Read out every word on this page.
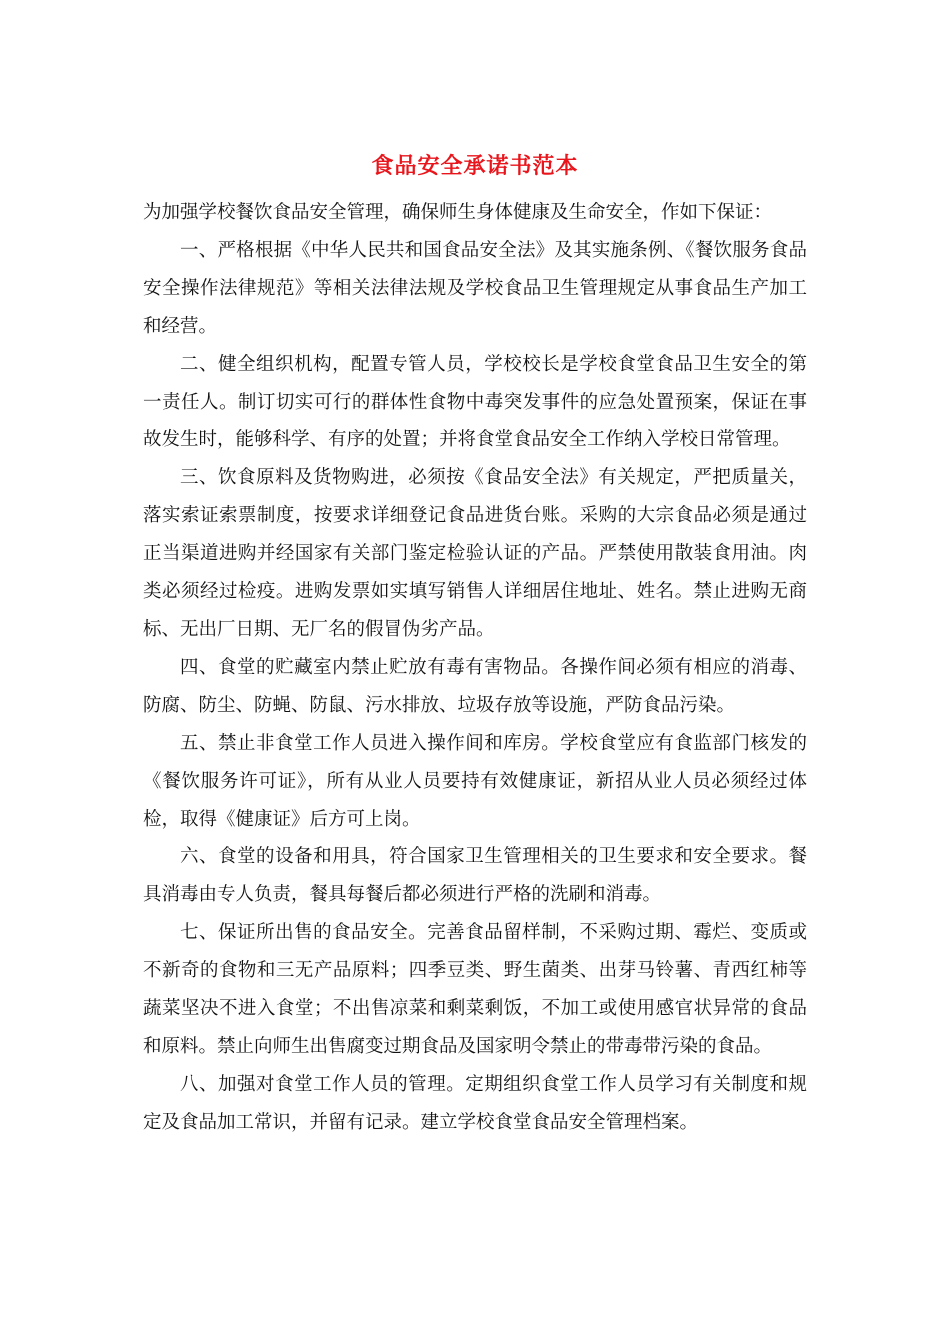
食品安全承诺书范本

为加强学校餐饮食品安全管理，确保师生身体健康及生命安全，作如下保证：

一、严格根据《中华人民共和国食品安全法》及其实施条例、《餐饮服务食品安全操作法律规范》等相关法律法规及学校食品卫生管理规定从事食品生产加工和经营。

二、健全组织机构，配置专管人员，学校校长是学校食堂食品卫生安全的第一责任人。制订切实可行的群体性食物中毒突发事件的应急处置预案，保证在事故发生时，能够科学、有序的处置；并将食堂食品安全工作纳入学校日常管理。

三、饮食原料及货物购进，必须按《食品安全法》有关规定，严把质量关，落实索证索票制度，按要求详细登记食品进货台账。采购的大宗食品必须是通过正当渠道进购并经国家有关部门鉴定检验认证的产品。严禁使用散装食用油。肉类必须经过检疫。进购发票如实填写销售人详细居住地址、姓名。禁止进购无商标、无出厂日期、无厂名的假冒伪劣产品。

四、食堂的贮藏室内禁止贮放有毒有害物品。各操作间必须有相应的消毒、防腐、防尘、防蝇、防鼠、污水排放、垃圾存放等设施，严防食品污染。

五、禁止非食堂工作人员进入操作间和库房。学校食堂应有食监部门核发的《餐饮服务许可证》，所有从业人员要持有效健康证，新招从业人员必须经过体检，取得《健康证》后方可上岗。

六、食堂的设备和用具，符合国家卫生管理相关的卫生要求和安全要求。餐具消毒由专人负责，餐具每餐后都必须进行严格的洗刷和消毒。

七、保证所出售的食品安全。完善食品留样制，不采购过期、霉烂、变质或不新奇的食物和三无产品原料；四季豆类、野生菌类、出芽马铃薯、青西红柿等蔬菜坚决不进入食堂；不出售凉菜和剩菜剩饭，不加工或使用感官状异常的食品和原料。禁止向师生出售腐变过期食品及国家明令禁止的带毒带污染的食品。

八、加强对食堂工作人员的管理。定期组织食堂工作人员学习有关制度和规定及食品加工常识，并留有记录。建立学校食堂食品安全管理档案。
